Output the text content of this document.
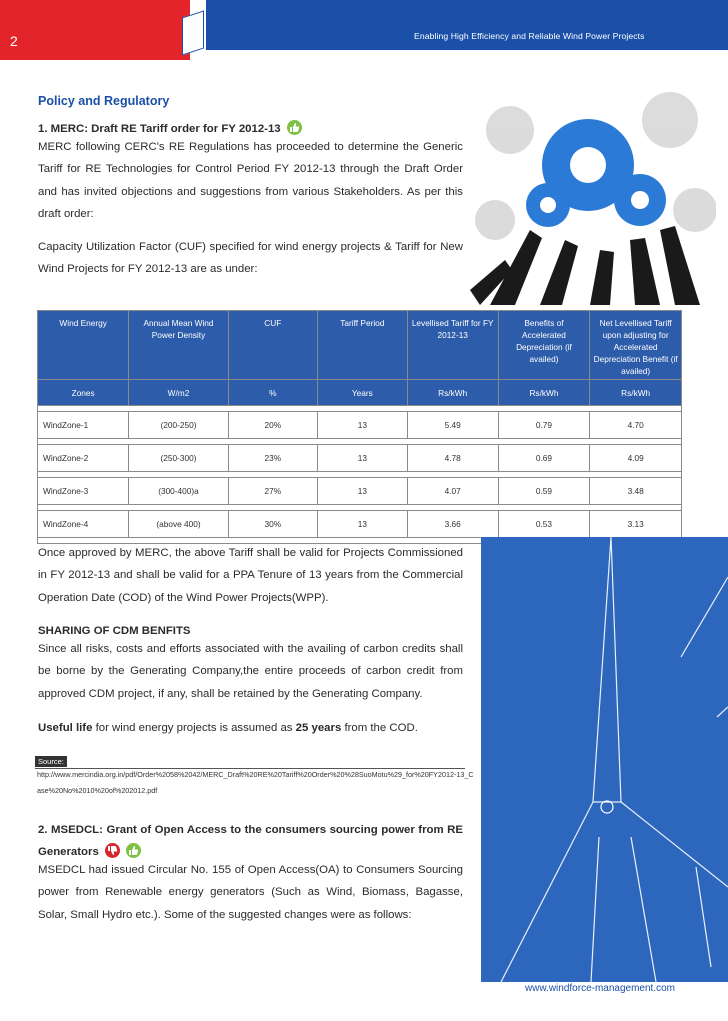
2	Enabling High Efficiency and Reliable Wind Power Projects
Policy and Regulatory
1. MERC: Draft RE Tariff order for FY 2012-13
MERC following CERC's RE Regulations has proceeded to determine the Generic Tariff for RE Technologies for Control Period FY 2012-13 through the Draft Order and has invited objections and suggestions from various Stakeholders. As per this draft order:
Capacity Utilization Factor (CUF) specified for wind energy projects & Tariff for New Wind Projects for FY 2012-13 are as under:
Wind Energy	Annual Mean Wind Power Density	CUF	Tariff Period	Levellised Tariff for FY 2012-13	Benefits of Accelerated Depreciation (if availed)	Net Levellised Tariff upon adjusting for Accelerated Depreciation Benefit (if availed)
Zones	W/m2	%	Years	Rs/kWh	Rs/kWh	Rs/kWh

WindZone-1	(200-250)	20%	13	5.49	0.79	4.70

WindZone-2	(250-300)	23%	13	4.78	0.69	4.09

WindZone-3	(300-400)a	27%	13	4.07	0.59	3.48

WindZone-4	(above 400)	30%	13	3.66	0.53	3.13

Once approved by MERC, the above Tariff shall be valid for Projects Commissioned in FY 2012-13 and shall be valid for a PPA Tenure of 13 years from the Commercial Operation Date (COD) of the Wind Power Projects(WPP).
SHARING OF CDM BENFITS
Since all risks, costs and efforts associated with the availing of carbon credits shall be borne by the Generating Company,the entire proceeds of carbon credit from approved CDM project, if any, shall be retained by the Generating Company.
Useful life for wind energy projects is assumed as 25 years from the COD.
Source:
http://www.mercindia.org.in/pdf/Order%2058%2042/MERC_Draft%20RE%20Tariff%20Order%20%28SuoMotu%29_for%20FY2012-13_Case%20No%2010%20of%202012.pdf
2. MSEDCL: Grant of Open Access to the consumers sourcing power from RE Generators
MSEDCL had issued Circular No. 155 of Open Access(OA) to Consumers Sourcing power from Renewable energy generators (Such as Wind, Biomass, Bagasse, Solar, Small Hydro etc.). Some of the suggested changes were as follows:
www.windforce-management.com
